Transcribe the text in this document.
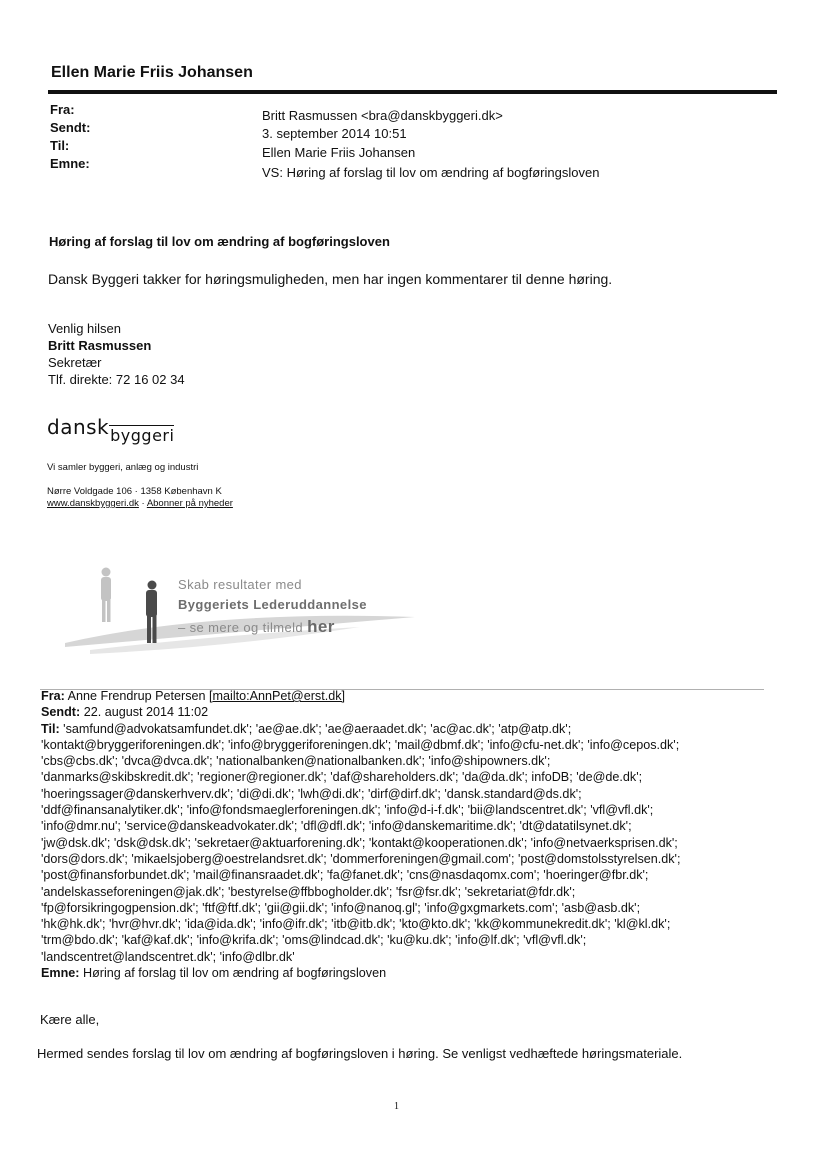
Ellen Marie Friis Johansen
Fra:
Sendt:
Til:
Emne:
Britt Rasmussen <bra@danskbyggeri.dk>
3. september 2014 10:51
Ellen Marie Friis Johansen
VS: Høring af forslag til lov om ændring af bogføringsloven
Høring af forslag til lov om ændring af bogføringsloven
Dansk Byggeri takker for høringsmuligheden, men har ingen kommentarer til denne høring.
Venlig hilsen
Britt Rasmussen
Sekretær
Tlf. direkte: 72 16 02 34
dansk$_{byggeri}$
Vi samler byggeri, anlæg og industri
Nørre Voldgade 106 · 1358 København K
www.danskbyggeri.dk · Abonner på nyheder
Skab resultater med
Byggeriets Lederuddannelse
– se mere og tilmeld her
Fra: Anne Frendrup Petersen [mailto:AnnPet@erst.dk]
Sendt: 22. august 2014 11:02
Til: 'samfund@advokatsamfundet.dk'; 'ae@ae.dk'; 'ae@aeraadet.dk'; 'ac@ac.dk'; 'atp@atp.dk';
'kontakt@bryggeriforeningen.dk'; 'info@bryggeriforeningen.dk'; 'mail@dbmf.dk'; 'info@cfu-net.dk'; 'info@cepos.dk';
'cbs@cbs.dk'; 'dvca@dvca.dk'; 'nationalbanken@nationalbanken.dk'; 'info@shipowners.dk';
'danmarks@skibskredit.dk'; 'regioner@regioner.dk'; 'daf@shareholders.dk'; 'da@da.dk'; infoDB; 'de@de.dk';
'hoeringssager@danskerhverv.dk'; 'di@di.dk'; 'lwh@di.dk'; 'dirf@dirf.dk'; 'dansk.standard@ds.dk';
'ddf@finansanalytiker.dk'; 'info@fondsmaeglerforeningen.dk'; 'info@d-i-f.dk'; 'bii@landscentret.dk'; 'vfl@vfl.dk';
'info@dmr.nu'; 'service@danskeadvokater.dk'; 'dfl@dfl.dk'; 'info@danskemaritime.dk'; 'dt@datatilsynet.dk';
'jw@dsk.dk'; 'dsk@dsk.dk'; 'sekretaer@aktuarforening.dk'; 'kontakt@kooperationen.dk'; 'info@netvaerksprisen.dk';
'dors@dors.dk'; 'mikaelsjoberg@oestrelandsret.dk'; 'dommerforeningen@gmail.com'; 'post@domstolsstyrelsen.dk';
'post@finansforbundet.dk'; 'mail@finansraadet.dk'; 'fa@fanet.dk'; 'cns@nasdaqomx.com'; 'hoeringer@fbr.dk';
'andelskasseforeningen@jak.dk'; 'bestyrelse@ffbbogholder.dk'; 'fsr@fsr.dk'; 'sekretariat@fdr.dk';
'fp@forsikringogpension.dk'; 'ftf@ftf.dk'; 'gii@gii.dk'; 'info@nanoq.gl'; 'info@gxgmarkets.com'; 'asb@asb.dk';
'hk@hk.dk'; 'hvr@hvr.dk'; 'ida@ida.dk'; 'info@ifr.dk'; 'itb@itb.dk'; 'kto@kto.dk'; 'kk@kommunekredit.dk'; 'kl@kl.dk';
'trm@bdo.dk'; 'kaf@kaf.dk'; 'info@krifa.dk'; 'oms@lindcad.dk'; 'ku@ku.dk'; 'info@lf.dk'; 'vfl@vfl.dk';
'landscentret@landscentret.dk'; 'info@dlbr.dk'
Emne: Høring af forslag til lov om ændring af bogføringsloven
Kære alle,
Hermed sendes forslag til lov om ændring af bogføringsloven i høring. Se venligst vedhæftede høringsmateriale.
1
